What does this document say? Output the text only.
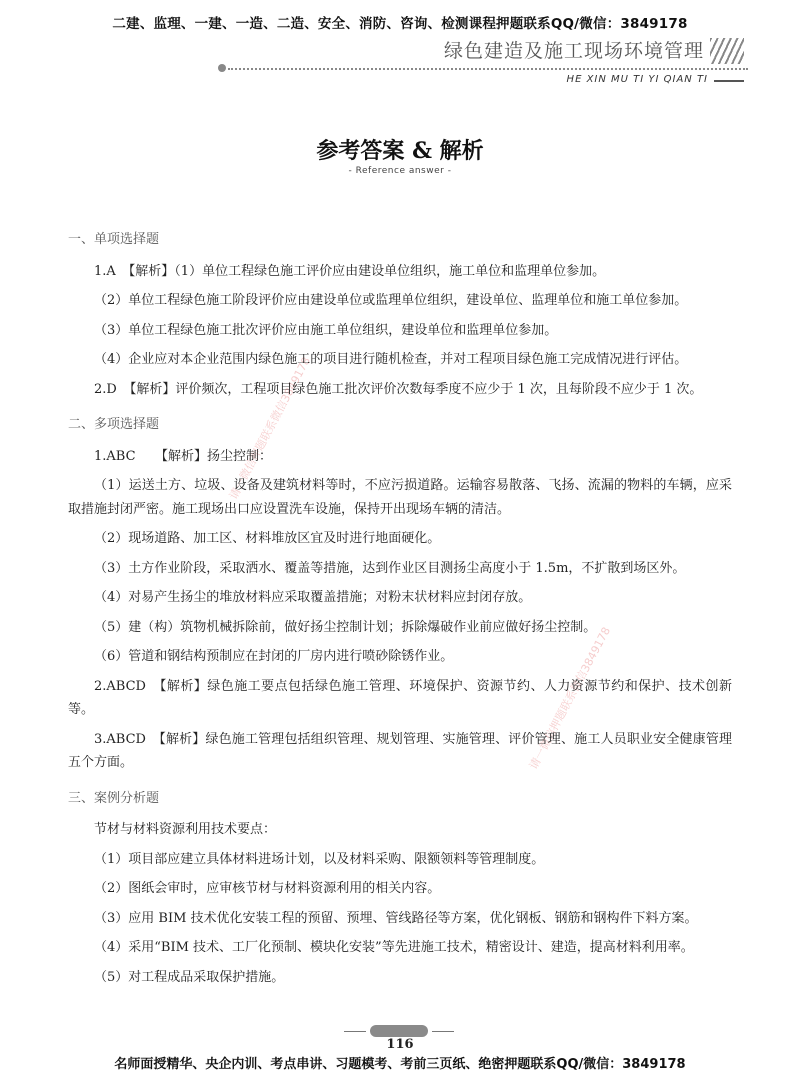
二建、监理、一建、一造、二造、安全、消防、咨询、检测课程押题联系QQ/微信：3849178
绿色建造及施工现场环境管理
HE XIN MU TI YI QIAN TI
参考答案 & 解析
- Reference answer -
请一微信押题联系微信3849178
请一微信押题联系微信3849178
一、单项选择题

1.A　【解析】（1）单位工程绿色施工评价应由建设单位组织，施工单位和监理单位参加。

（2）单位工程绿色施工阶段评价应由建设单位或监理单位组织，建设单位、监理单位和施工单位参加。

（3）单位工程绿色施工批次评价应由施工单位组织，建设单位和监理单位参加。

（4）企业应对本企业范围内绿色施工的项目进行随机检查，并对工程项目绿色施工完成情况进行评估。

2.D　【解析】评价频次，工程项目绿色施工批次评价次数每季度不应少于 1 次，且每阶段不应少于 1 次。

二、多项选择题

1.ABC　　【解析】扬尘控制：

（1）运送土方、垃圾、设备及建筑材料等时，不应污损道路。运输容易散落、飞扬、流漏的物料的车辆，应采取措施封闭严密。施工现场出口应设置洗车设施，保持开出现场车辆的清洁。

（2）现场道路、加工区、材料堆放区宜及时进行地面硬化。

（3）土方作业阶段，采取洒水、覆盖等措施，达到作业区目测扬尘高度小于 1.5m，不扩散到场区外。

（4）对易产生扬尘的堆放材料应采取覆盖措施；对粉末状材料应封闭存放。

（5）建（构）筑物机械拆除前，做好扬尘控制计划；拆除爆破作业前应做好扬尘控制。

（6）管道和钢结构预制应在封闭的厂房内进行喷砂除锈作业。

2.ABCD　【解析】绿色施工要点包括绿色施工管理、环境保护、资源节约、人力资源节约和保护、技术创新等。

3.ABCD　【解析】绿色施工管理包括组织管理、规划管理、实施管理、评价管理、施工人员职业安全健康管理五个方面。

三、案例分析题

节材与材料资源利用技术要点：

（1）项目部应建立具体材料进场计划，以及材料采购、限额领料等管理制度。

（2）图纸会审时，应审核节材与材料资源利用的相关内容。

（3）应用 BIM 技术优化安装工程的预留、预埋、管线路径等方案，优化钢板、钢筋和钢构件下料方案。

（4）采用“BIM 技术、工厂化预制、模块化安装”等先进施工技术，精密设计、建造，提高材料利用率。

（5）对工程成品采取保护措施。

116
名师面授精华、央企内训、考点串讲、习题模考、考前三页纸、绝密押题联系QQ/微信：3849178
